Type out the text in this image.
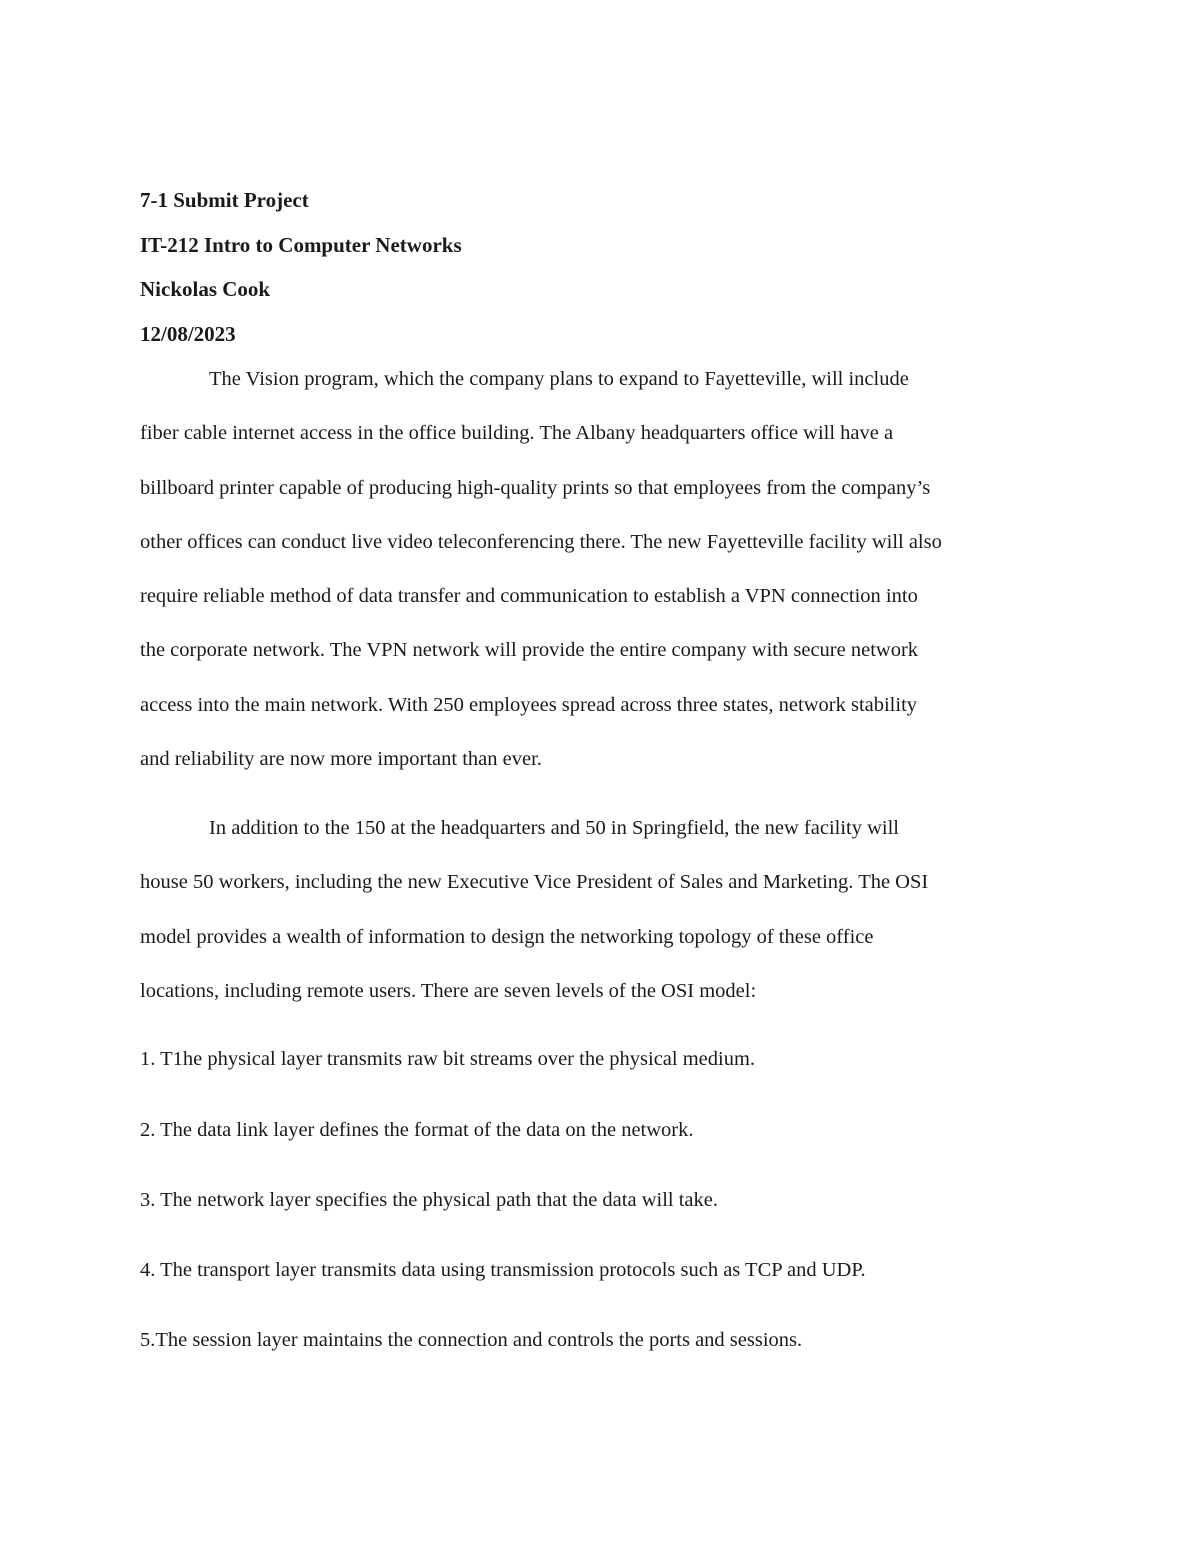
7-1 Submit Project
IT-212 Intro to Computer Networks
Nickolas Cook
12/08/2023
The Vision program, which the company plans to expand to Fayetteville, will include
fiber cable internet access in the office building. The Albany headquarters office will have a
billboard printer capable of producing high-quality prints so that employees from the company’s
other offices can conduct live video teleconferencing there. The new Fayetteville facility will also
require reliable method of data transfer and communication to establish a VPN connection into
the corporate network. The VPN network will provide the entire company with secure network
access into the main network. With 250 employees spread across three states, network stability
and reliability are now more important than ever.
In addition to the 150 at the headquarters and 50 in Springfield, the new facility will
house 50 workers, including the new Executive Vice President of Sales and Marketing. The OSI
model provides a wealth of information to design the networking topology of these office
locations, including remote users. There are seven levels of the OSI model:
1. T1he physical layer transmits raw bit streams over the physical medium.
2. The data link layer defines the format of the data on the network.
3. The network layer specifies the physical path that the data will take.
4. The transport layer transmits data using transmission protocols such as TCP and UDP.
5.The session layer maintains the connection and controls the ports and sessions.
